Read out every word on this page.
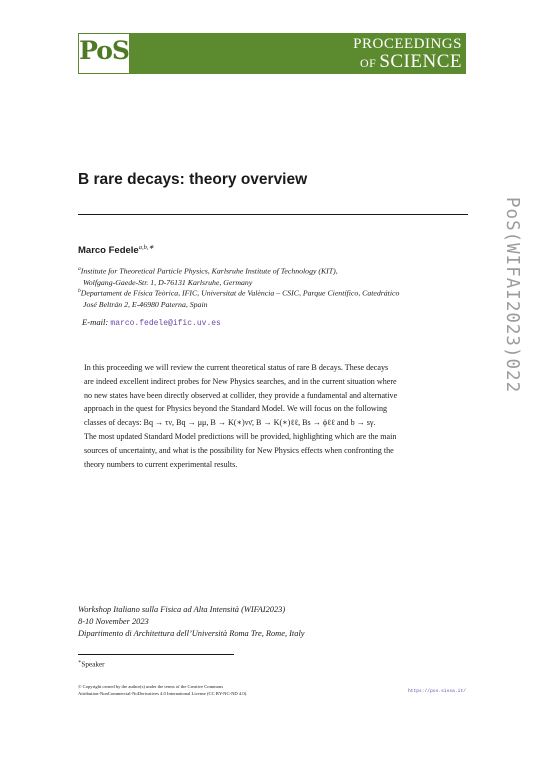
PoS	PROCEEDINGS
OF SCIENCE
B rare decays: theory overview
Marco Fedele$^{a,b,∗}$
$^a$Institute for Theoretical Particle Physics, Karlsruhe Institute of Technology (KIT),
Wolfgang-Gaede-Str. 1, D-76131 Karlsruhe, Germany
$^b$Departament de Física Teòrica, IFIC, Universitat de València – CSIC, Parque Científico, Catedrático
José Beltrán 2, E-46980 Paterna, Spain
E-mail: marco.fedele@ific.uv.es
In this proceeding we will review the current theoretical status of rare B decays. These decays
are indeed excellent indirect probes for New Physics searches, and in the current situation where
no new states have been directly observed at collider, they provide a fundamental and alternative
approach in the quest for Physics beyond the Standard Model. We will focus on the following
classes of decays: Bq → τν, Bq → μμ, B → K(∗)νν̄, B → K(∗)ℓℓ, Bs → ϕℓℓ and b → sγ.
The most updated Standard Model predictions will be provided, highlighting which are the main
sources of uncertainty, and what is the possibility for New Physics effects when confronting the
theory numbers to current experimental results.
Workshop Italiano sulla Fisica ad Alta Intensità (WIFAI2023)
8-10 November 2023
Dipartimento di Architettura dell’Università Roma Tre, Rome, Italy
∗Speaker
© Copyright owned by the author(s) under the terms of the Creative Commons
Attribution-NonCommercial-NoDerivatives 4.0 International License (CC BY-NC-ND 4.0).	https://pos.sissa.it/
PoS(WIFAI2023)022
